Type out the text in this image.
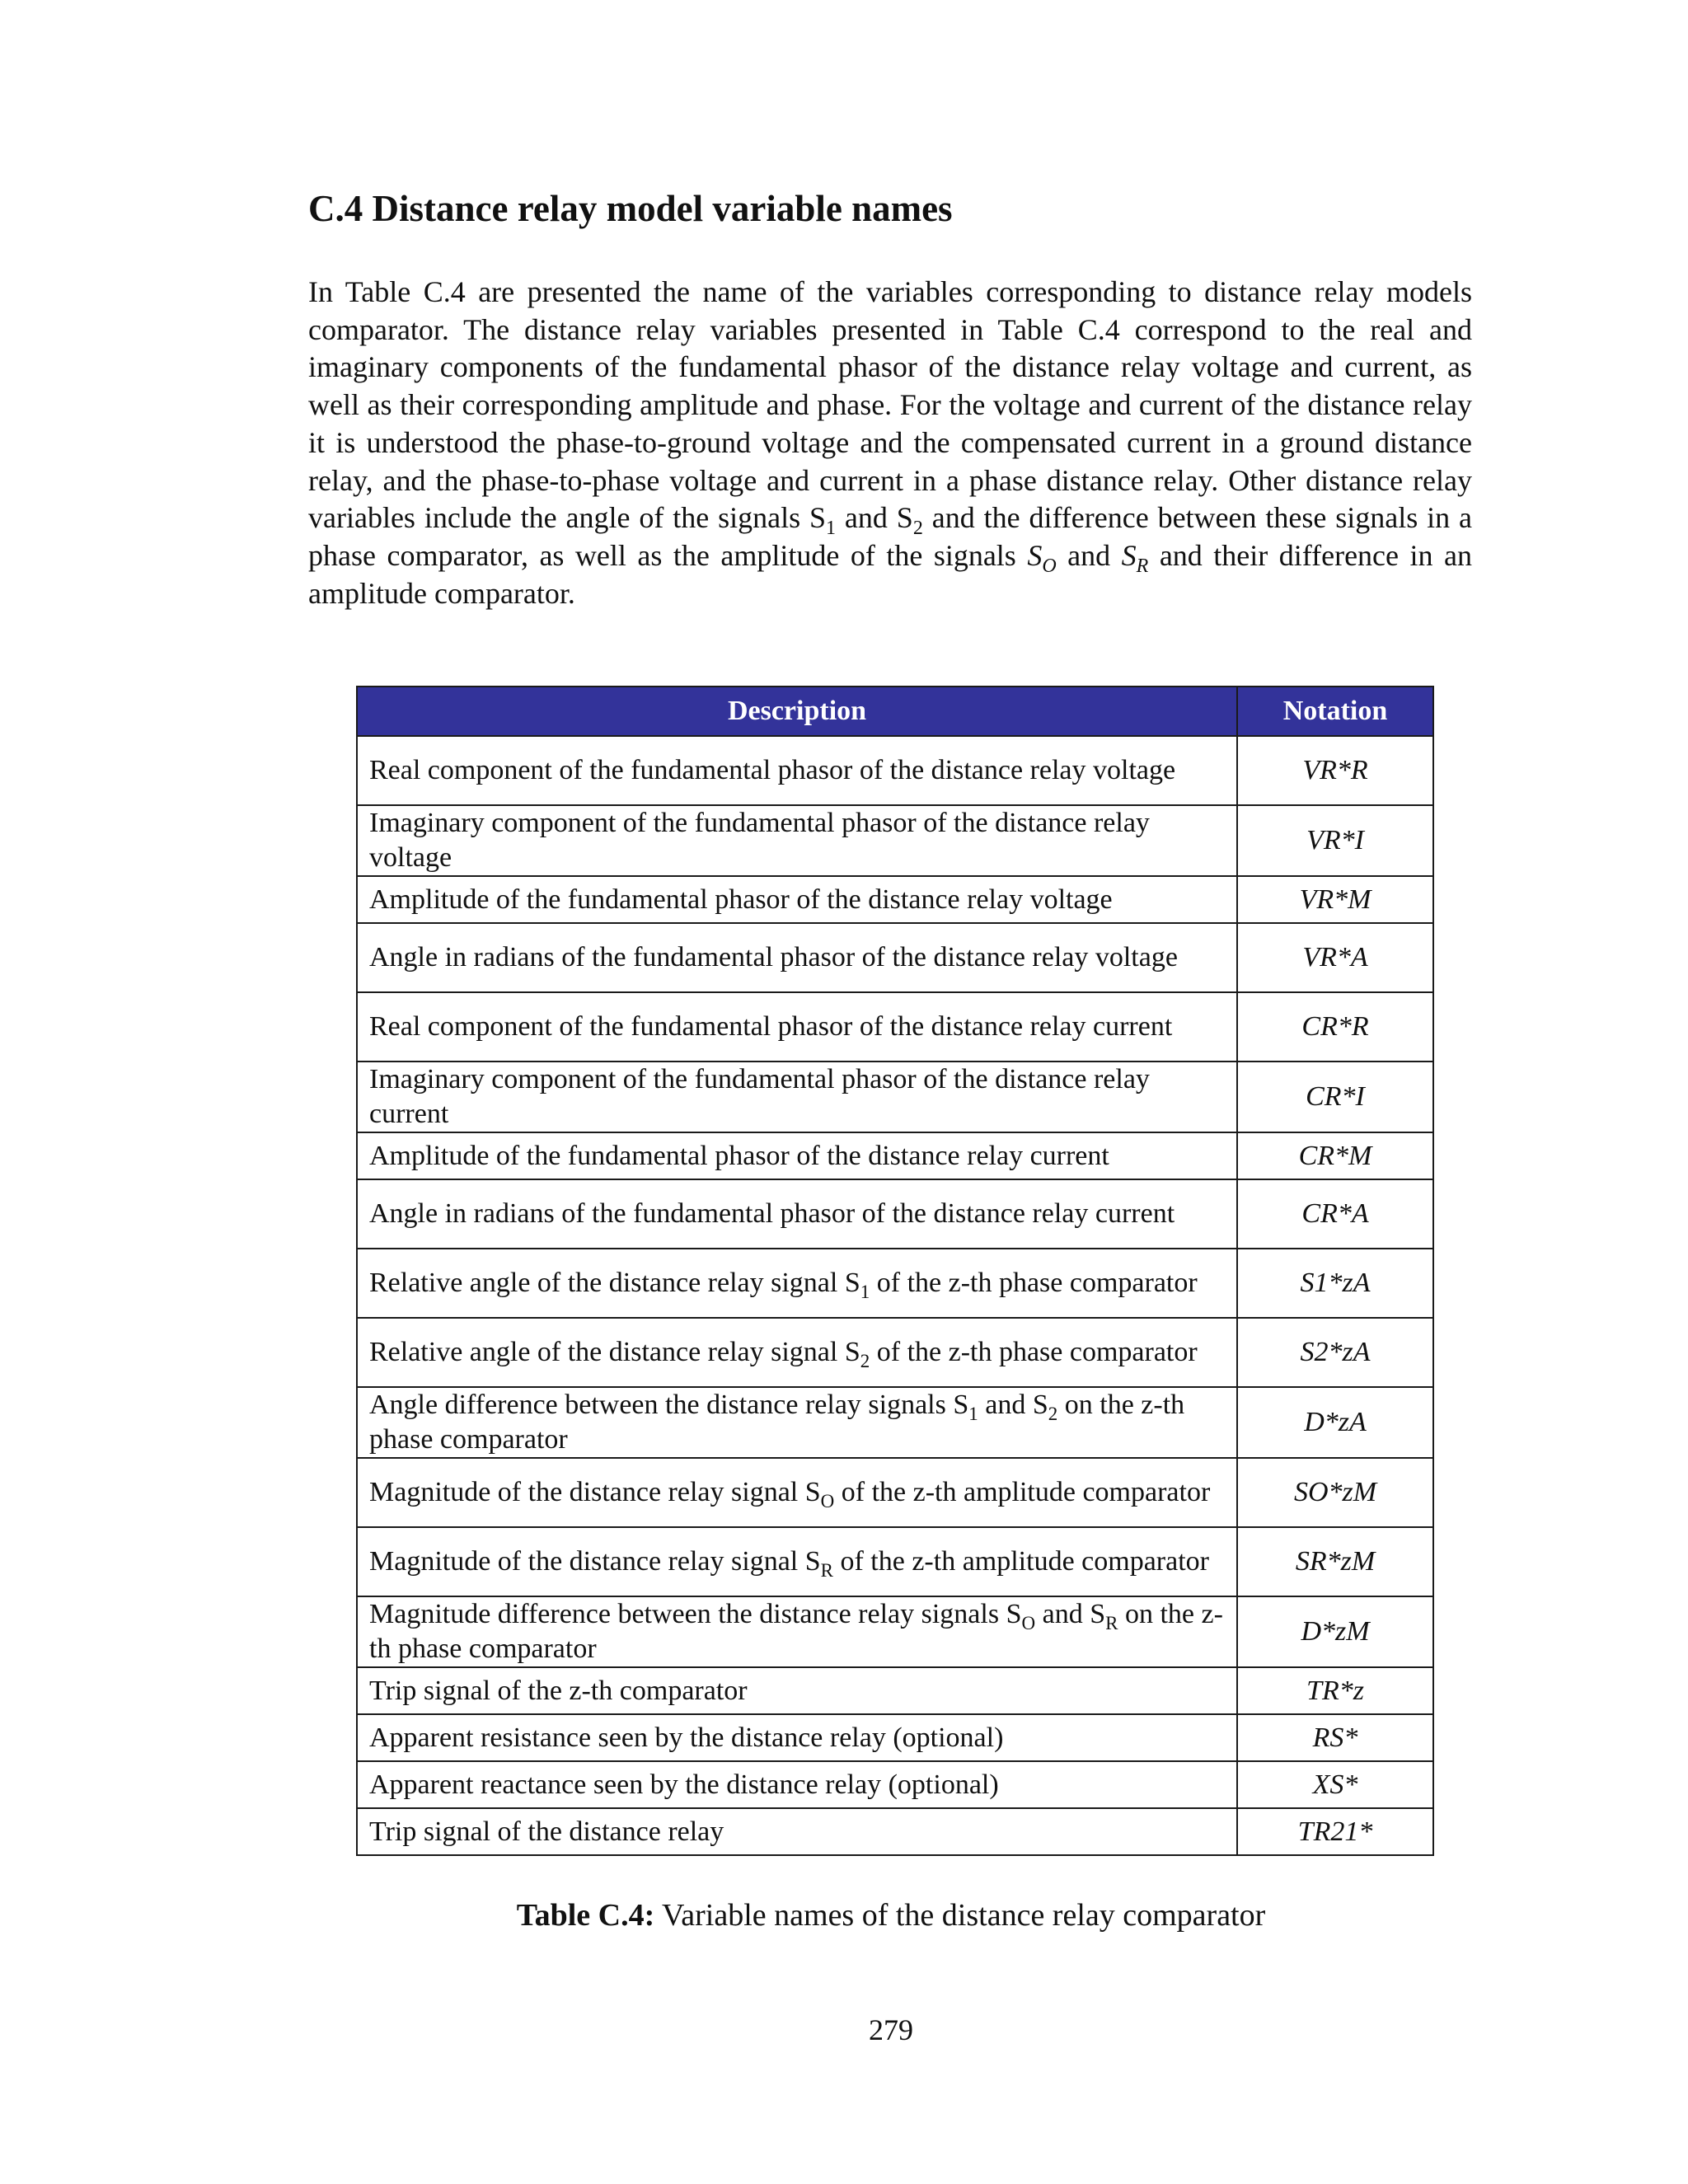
C.4 Distance relay model variable names

In Table C.4 are presented the name of the variables corresponding to distance relay models comparator. The distance relay variables presented in Table C.4 correspond to the real and imaginary components of the fundamental phasor of the distance relay voltage and current, as well as their corresponding amplitude and phase. For the voltage and current of the distance relay it is understood the phase-to-ground voltage and the compensated current in a ground distance relay, and the phase-to-phase voltage and current in a phase distance relay. Other distance relay variables include the angle of the signals $S_1$ and $S_2$ and the difference between these signals in a phase comparator, as well as the amplitude of the signals $S_O$ and $S_R$ and their difference in an amplitude comparator.

Description	Notation
Real component of the fundamental phasor of the distance relay voltage	VR*R
Imaginary component of the fundamental phasor of the distance relay voltage	VR*I
Amplitude of the fundamental phasor of the distance relay voltage	VR*M
Angle in radians of the fundamental phasor of the distance relay voltage	VR*A
Real component of the fundamental phasor of the distance relay current	CR*R
Imaginary component of the fundamental phasor of the distance relay current	CR*I
Amplitude of the fundamental phasor of the distance relay current	CR*M
Angle in radians of the fundamental phasor of the distance relay current	CR*A
Relative angle of the distance relay signal $S_1$ of the z-th phase comparator	S1*zA
Relative angle of the distance relay signal $S_2$ of the z-th phase comparator	S2*zA
Angle difference between the distance relay signals $S_1$ and $S_2$ on the z-th phase comparator	D*zA
Magnitude of the distance relay signal $S_O$ of the z-th amplitude comparator	SO*zM
Magnitude of the distance relay signal $S_R$ of the z-th amplitude comparator	SR*zM
Magnitude difference between the distance relay signals $S_O$ and $S_R$ on the z-th phase comparator	D*zM
Trip signal of the z-th comparator	TR*z
Apparent resistance seen by the distance relay (optional)	RS*
Apparent reactance seen by the distance relay (optional)	XS*
Trip signal of the distance relay	TR21*

Table C.4: Variable names of the distance relay comparator

279
